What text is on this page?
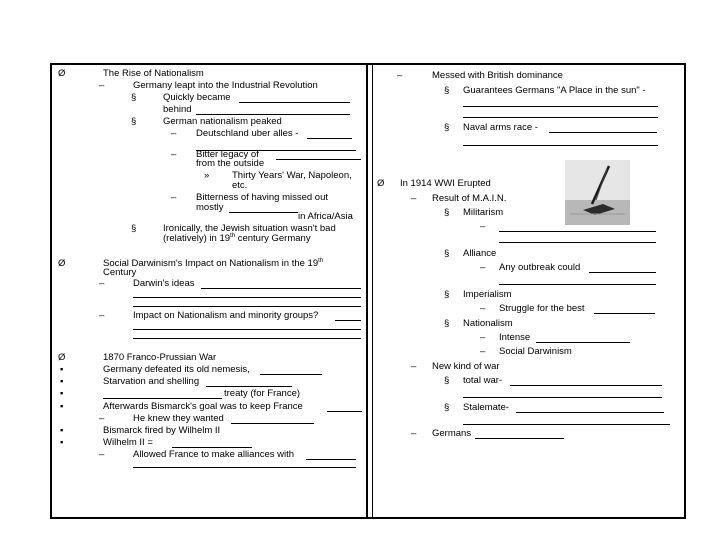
Ø	The Rise of Nationalism
–	Germany leapt into the Industrial Revolution
§	Quickly became
behind
§	German nationalism peaked
– Deutschland uber alles -
– Bitter legacy of
from the outside
» Thirty Years' War, Napoleon,
etc.
– Bitterness of having missed out
mostly
in Africa/Asia
§	Ironically, the Jewish situation wasn't bad
(relatively) in 19th century Germany
Ø	Social Darwinism's Impact on Nationalism in the 19th
Century
–	Darwin's ideas
–	Impact on Nationalism and minority groups?
Ø	1870 Franco-Prussian War
▪	Germany defeated its old nemesis,
▪	Starvation and shelling
▪	treaty (for France)
▪	Afterwards Bismarck's goal was to keep France
–	He knew they wanted
▪	Bismarck fired by Wilhelm II
▪	Wilhelm II =
–	Allowed France to make alliances with
–	Messed with British dominance
§ Guarantees Germans "A Place in the sun" -
§ Naval arms race -
Ø In 1914 WWI Erupted
– Result of M.A.I.N.
§ Militarism
–
§ Alliance
– Any outbreak could
§ Imperialism
– Struggle for the best
§ Nationalism
– Intense
– Social Darwinism
– New kind of war
§ total war-
§ Stalemate-
– Germans
